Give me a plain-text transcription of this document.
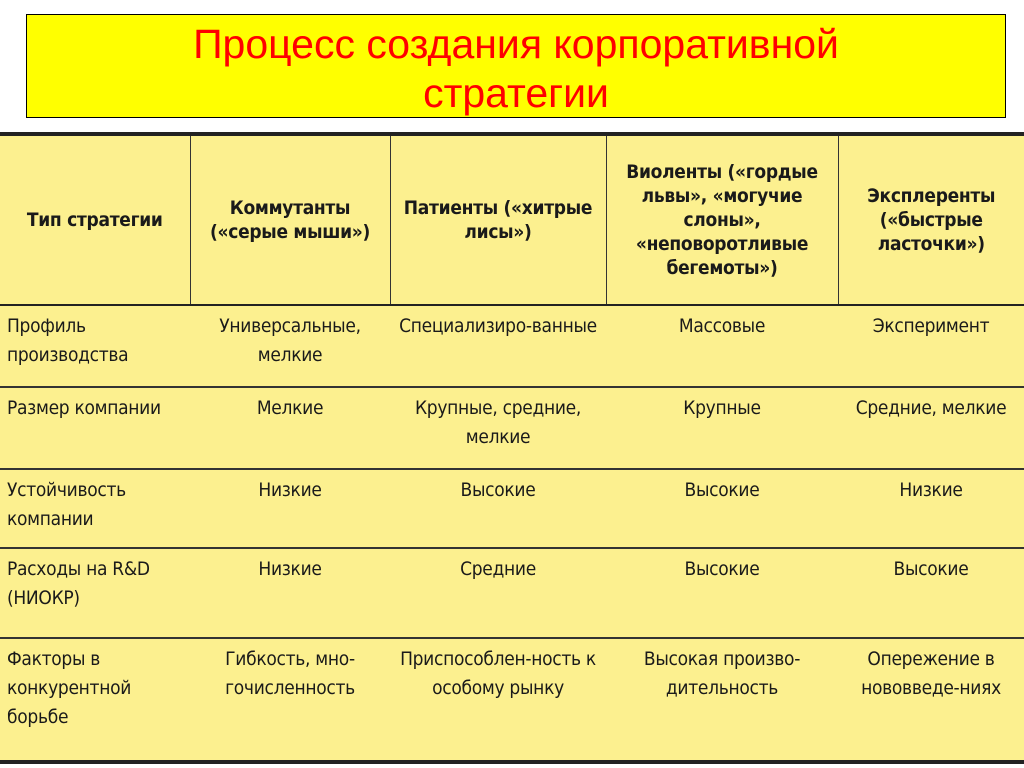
Процесс создания корпоративной
стратегии
Тип стратегии	Коммутанты («серые мыши»)	Патиенты («хитрые лисы»)	Виоленты («гордые львы», «могучие слоны», «неповоротливые бегемоты»)	Эксплеренты («быстрые ласточки»)
Профиль производства	Универсальные, мелкие	Специализиро-ванные	Массовые	Эксперимент
Размер компании	Мелкие	Крупные, средние, мелкие	Крупные	Средние, мелкие
Устойчивость компании	Низкие	Высокие	Высокие	Низкие
Расходы на R&D (НИОКР)	Низкие	Средние	Высокие	Высокие
Факторы в конкурентной борьбе	Гибкость, мно-гочисленность	Приспособлен-ность к особому рынку	Высокая произво-дительность	Опережение в нововведе-ниях
